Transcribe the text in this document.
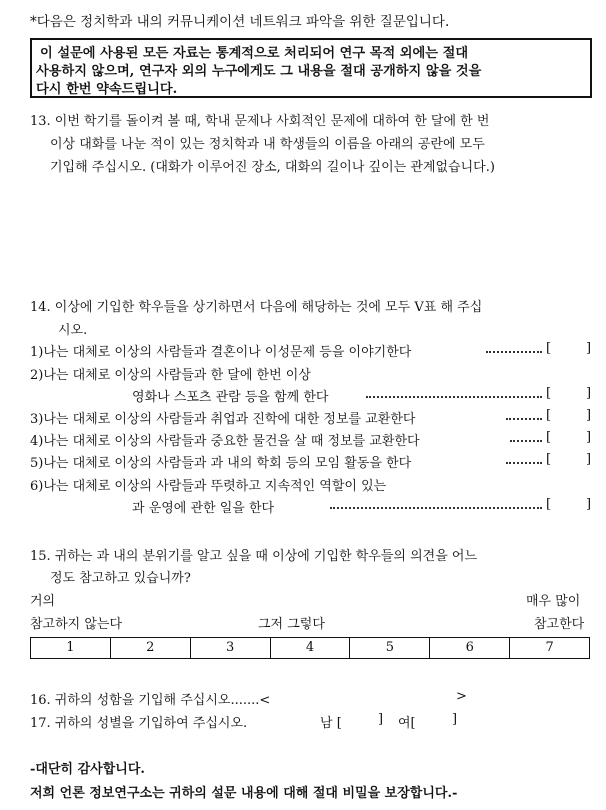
*다음은 정치학과 내의 커뮤니케이션 네트워크 파악을 위한 질문입니다.
이 설문에 사용된 모든 자료는 통계적으로 처리되어 연구 목적 외에는 절대
사용하지 않으며, 연구자 외의 누구에게도 그 내용을 절대 공개하지 않을 것을
다시 한번 약속드립니다.
13. 이번 학기를 돌이켜 볼 때, 학내 문제나 사회적인 문제에 대하여 한 달에 한 번
이상 대화를 나눈 적이 있는 정치학과 내 학생들의 이름을 아래의 공란에 모두
기입해 주십시오. (대화가 이루어진 장소, 대화의 길이나 깊이는 관계없습니다.)
14. 이상에 기입한 학우들을 상기하면서 다음에 해당하는 것에 모두 V표 해 주십
시오.
1)나는 대체로 이상의 사람들과 결혼이나 이성문제 등을 이야기한다	[	]
2)나는 대체로 이상의 사람들과 한 달에 한번 이상
영화나 스포츠 관람 등을 함께 한다	[	]
3)나는 대체로 이상의 사람들과 취업과 진학에 대한 정보를 교환한다	[	]
4)나는 대체로 이상의 사람들과 중요한 물건을 살 때 정보를 교환한다	[	]
5)나는 대체로 이상의 사람들과 과 내의 학회 등의 모임 활동을 한다	[	]
6)나는 대체로 이상의 사람들과 뚜렷하고 지속적인 역할이 있는
과 운영에 관한 일을 한다	[	]
15. 귀하는 과 내의 분위기를 알고 싶을 때 이상에 기입한 학우들의 의견을 어느
정도 참고하고 있습니까?
거의	매우 많이
참고하지 않는다	그저 그렇다	참고한다
1	2	3	4	5	6	7
16. 귀하의 성함을 기입해 주십시오.......<	>
17. 귀하의 성별을 기입하여 주십시오.	남 [	] 여[	]
-대단히 감사합니다.
저희 언론 정보연구소는 귀하의 설문 내용에 대해 절대 비밀을 보장합니다.-
